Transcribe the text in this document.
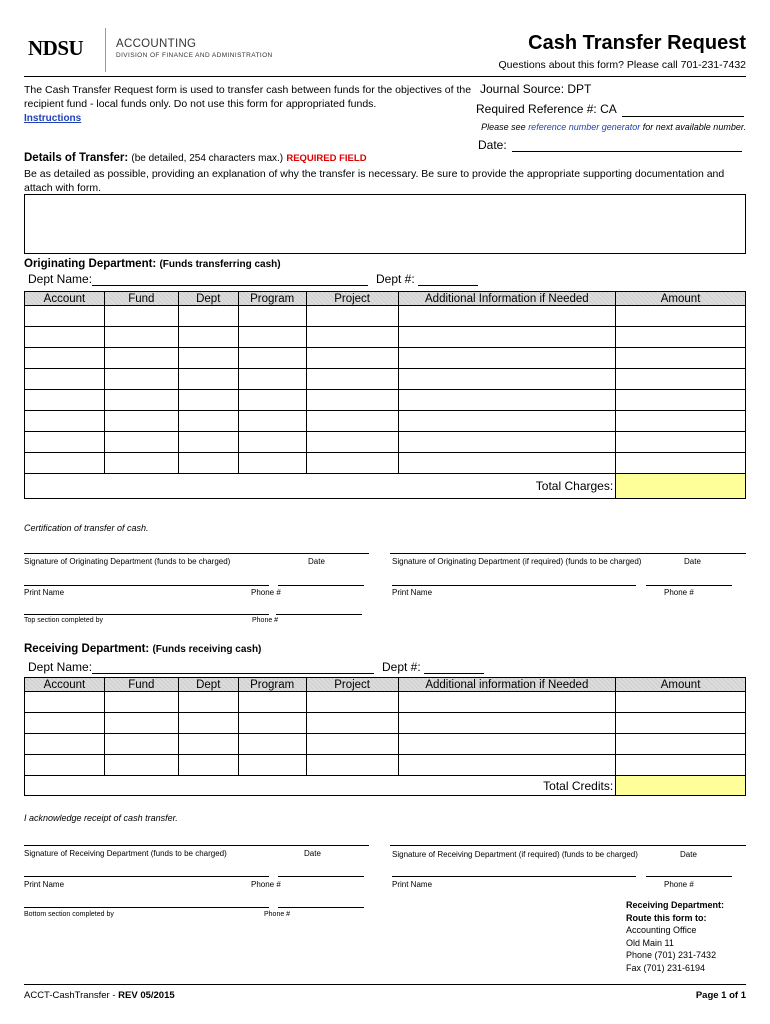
NDSU	ACCOUNTING
DIVISION OF FINANCE AND ADMINISTRATION
Cash Transfer Request
Questions about this form? Please call 701-231-7432
The Cash Transfer Request form is used to transfer cash between funds for the objectives of the recipient fund - local funds only. Do not use this form for appropriated funds.
Instructions
Journal Source: DPT
Required Reference #: CA
Please see reference number generator for next available number.
Date:
Details of Transfer: (be detailed, 254 characters max.) REQUIRED FIELD
Be as detailed as possible, providing an explanation of why the transfer is necessary. Be sure to provide the appropriate supporting documentation and attach with form.
Originating Department: (Funds transferring cash)
Dept Name:	Dept #:
Account	Fund	Dept	Program	Project	Additional Information if Needed	Amount

Total Charges:						
Certification of transfer of cash.
Signature of Originating Department (funds to be charged)	Date	Signature of Originating Department (if required) (funds to be charged)	Date
Print Name	Phone #	Print Name	Phone #
Top section completed by	Phone #
Receiving Department: (Funds receiving cash)
Dept Name:	Dept #:
Account	Fund	Dept	Program	Project	Additional information if Needed	Amount

Total Credits:						
I acknowledge receipt of cash transfer.
Signature of Receiving Department (funds to be charged)	Date	Signature of Receiving Department (if required) (funds to be charged)	Date
Print Name	Phone #	Print Name	Phone #
Bottom section completed by	Phone #
Receiving Department:
Route this form to:
Accounting Office
Old Main 11
Phone (701) 231-7432
Fax (701) 231-6194
ACCT-CashTransfer - REV 05/2015	Page 1 of 1
